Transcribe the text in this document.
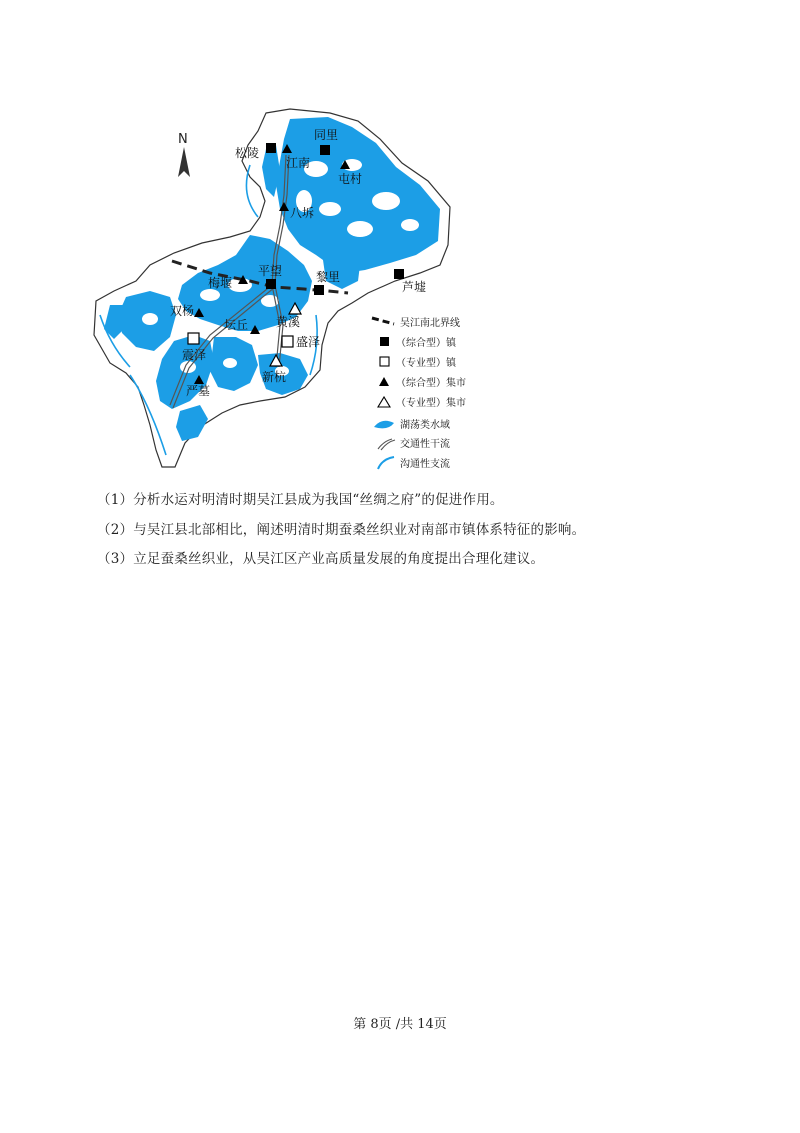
N
松陵
同里
江南
屯村
八坼
平望	黎里
芦墟
梅堰
双杨
坛丘 黄溪
震泽
盛泽
新杭
严墓
吴江南北界线
（综合型）镇
（专业型）镇
（综合型）集市
（专业型）集市
湖荡类水域
交通性干流
沟通性支流
（1）分析水运对明清时期吴江县成为我国“丝绸之府”的促进作用。
（2）与吴江县北部相比，阐述明清时期蚕桑丝织业对南部市镇体系特征的影响。
（3）立足蚕桑丝织业，从吴江区产业高质量发展的角度提出合理化建议。
第 8页 /共 14页
